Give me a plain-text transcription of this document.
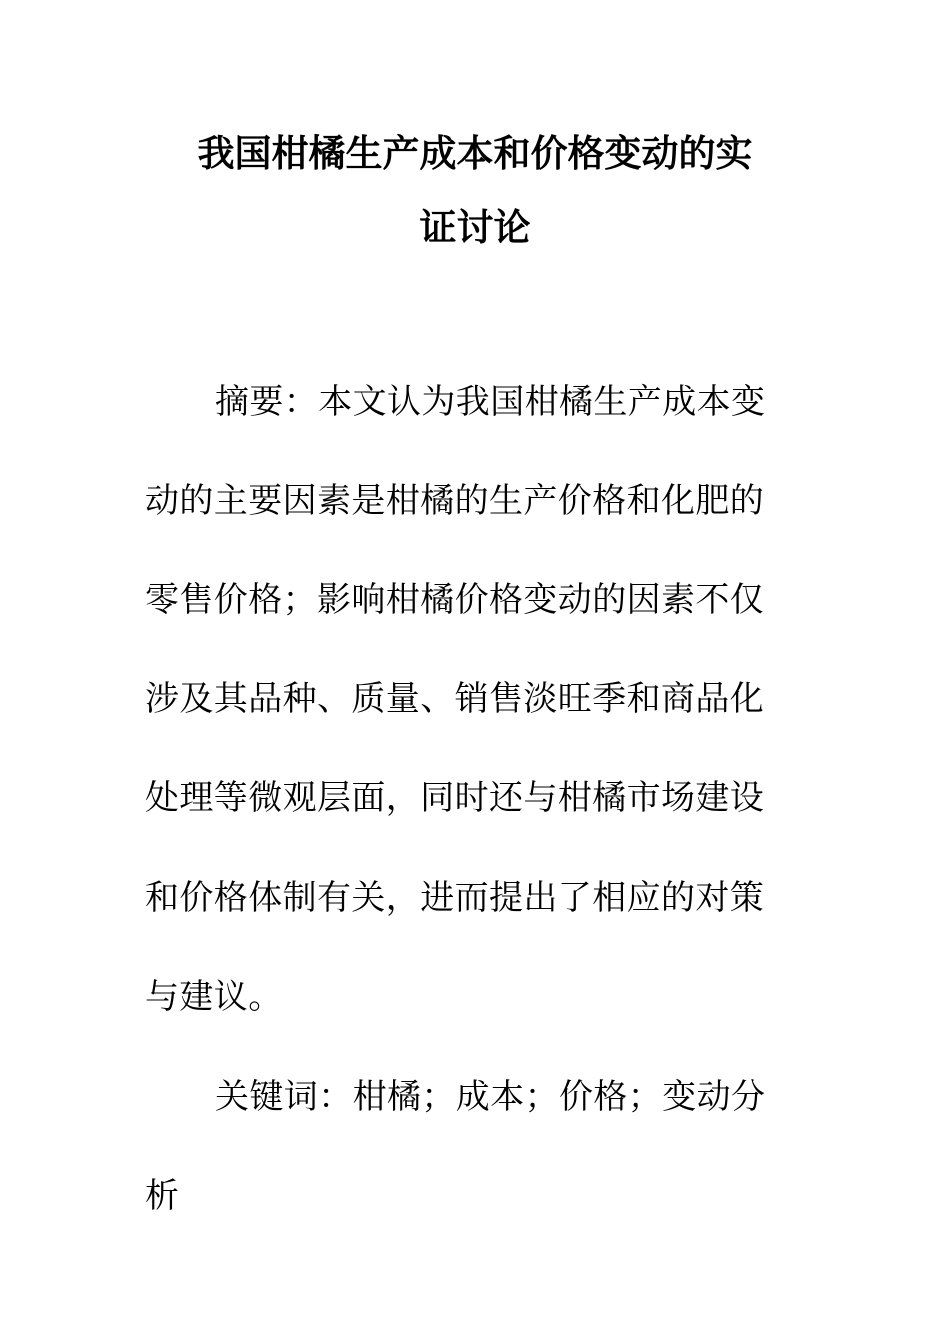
我国柑橘生产成本和价格变动的实
证讨论

摘要：本文认为我国柑橘生产成本变

动的主要因素是柑橘的生产价格和化肥的

零售价格；影响柑橘价格变动的因素不仅

涉及其品种、质量、销售淡旺季和商品化

处理等微观层面，同时还与柑橘市场建设

和价格体制有关，进而提出了相应的对策

与建议。

关键词：柑橘；成本；价格；变动分

析
